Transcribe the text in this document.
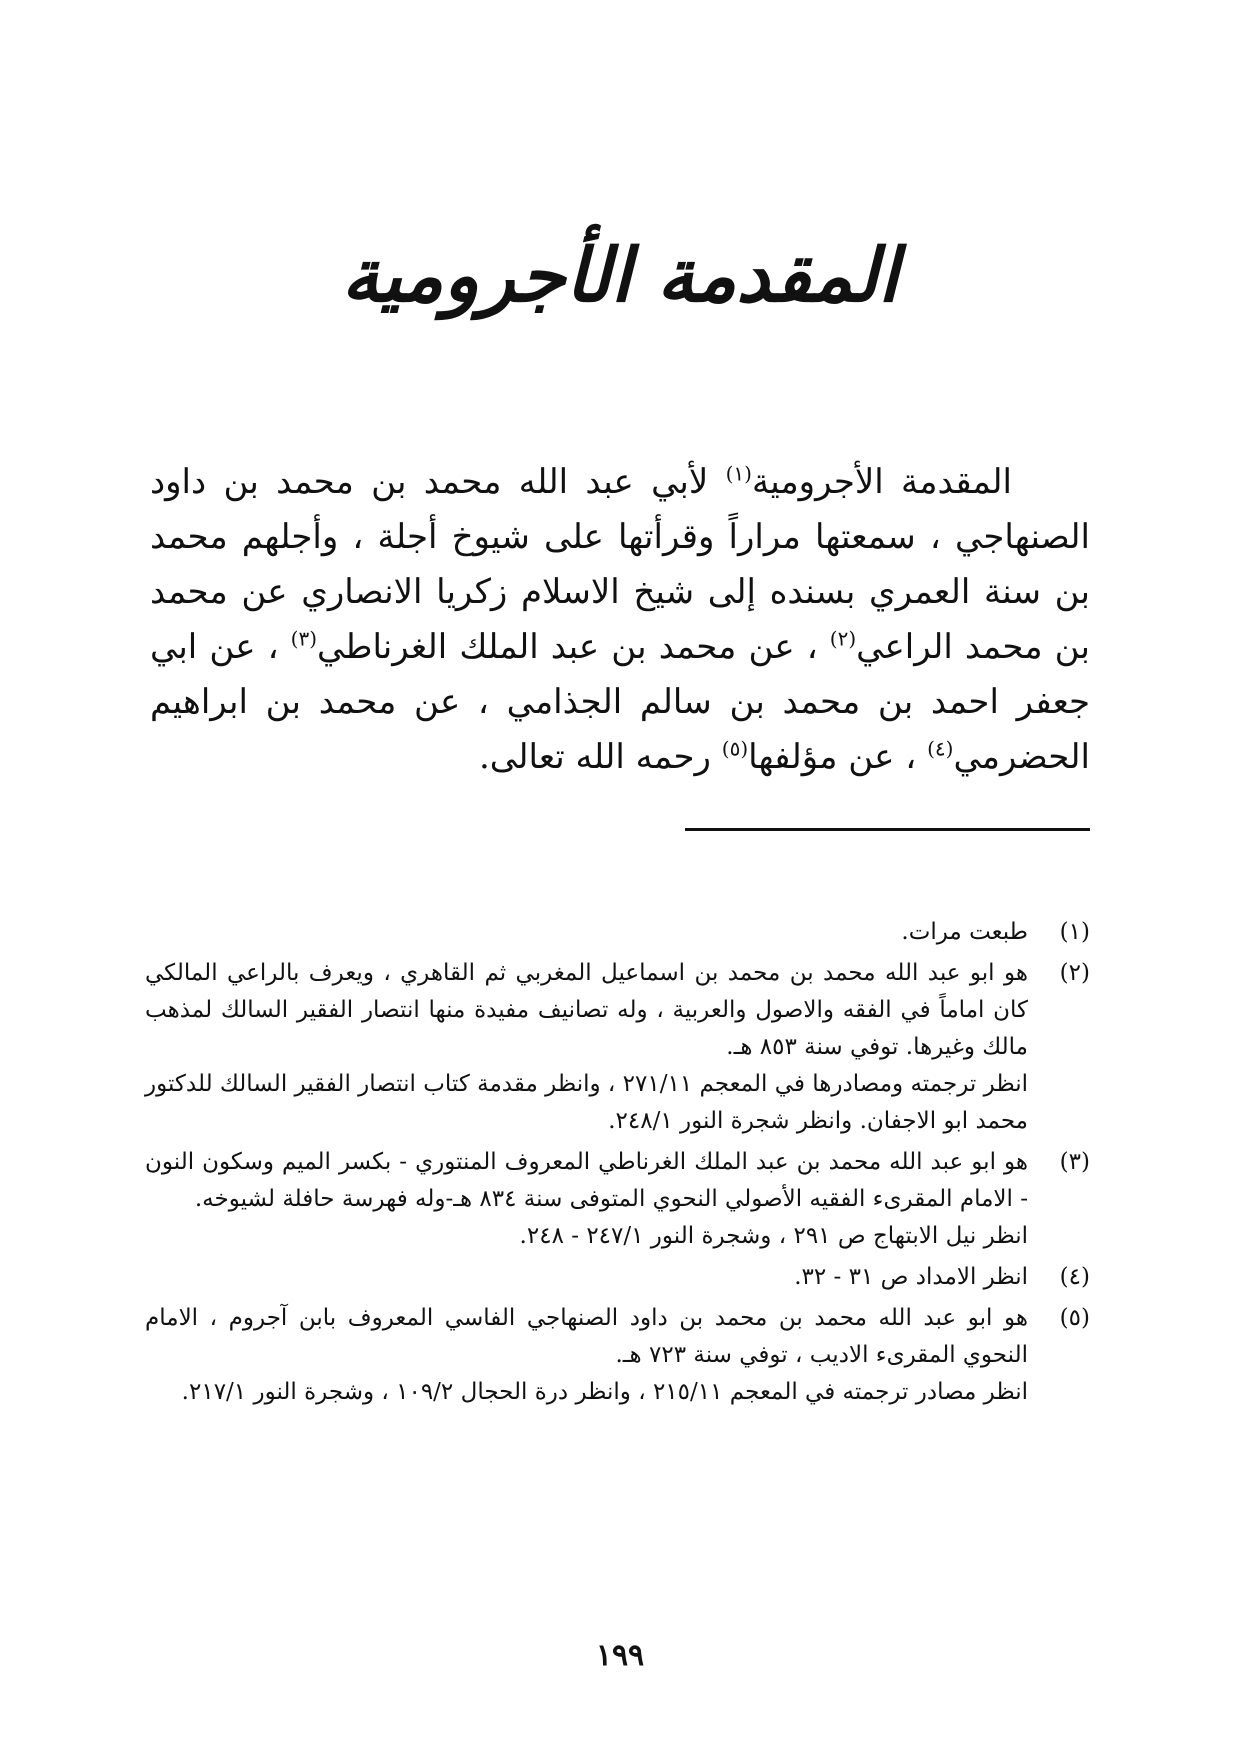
المقدمة الأجرومية

المقدمة الأجرومية$^{(١)}$ لأبي عبد الله محمد بن محمد بن داود الصنهاجي ، سمعتها مراراً وقرأتها على شيوخ أجلة ، وأجلهم محمد بن سنة العمري بسنده إلى شيخ الاسلام زكريا الانصاري عن محمد بن محمد الراعي$^{(٢)}$ ، عن محمد بن عبد الملك الغرناطي$^{(٣)}$ ، عن ابي جعفر احمد بن محمد بن سالم الجذامي ، عن محمد بن ابراهيم الحضرمي$^{(٤)}$ ، عن مؤلفها$^{(٥)}$ رحمه الله تعالى.

(١)

طبعت مرات.

(٢)

هو ابو عبد الله محمد بن محمد بن اسماعيل المغربي ثم القاهري ، ويعرف بالراعي المالكي كان اماماً في الفقه والاصول والعربية ، وله تصانيف مفيدة منها انتصار الفقير السالك لمذهب مالك وغيرها. توفي سنة ٨٥٣ هـ.

انظر ترجمته ومصادرها في المعجم ٢٧١/١١ ، وانظر مقدمة كتاب انتصار الفقير السالك للدكتور محمد ابو الاجفان. وانظر شجرة النور ٢٤٨/١.

(٣)

هو ابو عبد الله محمد بن عبد الملك الغرناطي المعروف المنتوري - بكسر الميم وسكون النون - الامام المقرىء الفقيه الأصولي النحوي المتوفى سنة ٨٣٤ هـ-وله فهرسة حافلة لشيوخه.

انظر نيل الابتهاج ص ٢٩١ ، وشجرة النور ٢٤٧/١ - ٢٤٨.

(٤)

انظر الامداد ص ٣١ - ٣٢.

(٥)

هو ابو عبد الله محمد بن محمد بن داود الصنهاجي الفاسي المعروف بابن آجروم ، الامام النحوي المقرىء الاديب ، توفي سنة ٧٢٣ هـ.

انظر مصادر ترجمته في المعجم ٢١٥/١١ ، وانظر درة الحجال ١٠٩/٢ ، وشجرة النور ٢١٧/١.

١٩٩
